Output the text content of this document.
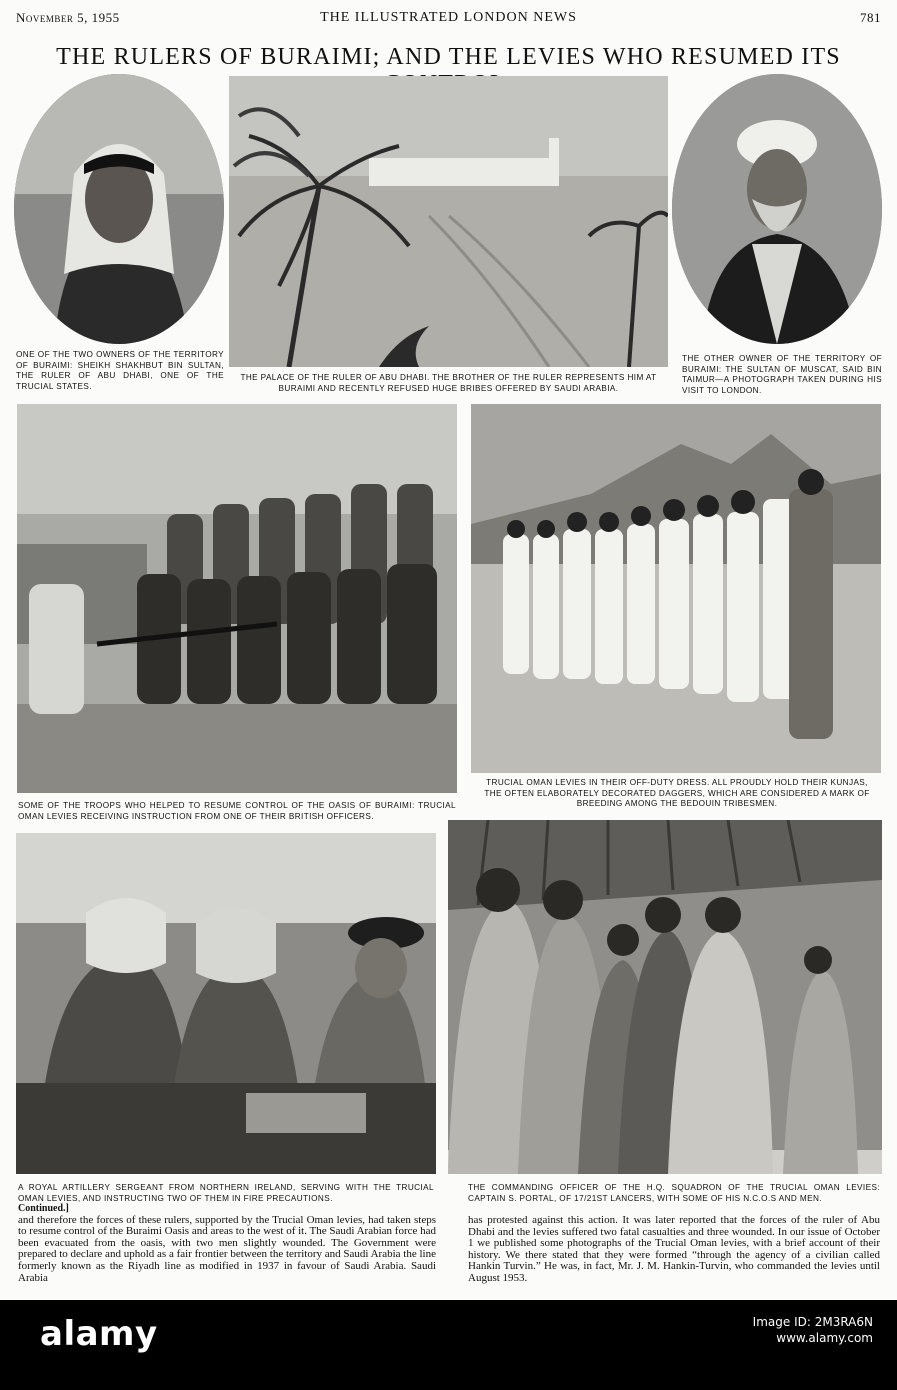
November 5, 1955	THE ILLUSTRATED LONDON NEWS	781
THE RULERS OF BURAIMI; AND THE LEVIES WHO RESUMED ITS
ONE OF THE TWO OWNERS OF THE TERRITORY OF BURAIMI: SHEIKH SHAKHBUT BIN SULTAN, THE RULER OF ABU DHABI, ONE OF THE TRUCIAL STATES.
THE PALACE OF THE RULER OF ABU DHABI. THE BROTHER OF THE RULER REPRESENTS HIM AT BURAIMI AND RECENTLY REFUSED HUGE BRIBES OFFERED BY SAUDI ARABIA.
THE OTHER OWNER OF THE TERRITORY OF BURAIMI: THE SULTAN OF MUSCAT, SAID BIN TAIMUR—A PHOTOGRAPH TAKEN DURING HIS VISIT TO LONDON.
SOME OF THE TROOPS WHO HELPED TO RESUME CONTROL OF THE OASIS OF BURAIMI: TRUCIAL OMAN LEVIES RECEIVING INSTRUCTION FROM ONE OF THEIR BRITISH OFFICERS.
TRUCIAL OMAN LEVIES IN THEIR OFF-DUTY DRESS. ALL PROUDLY HOLD THEIR KUNJAS, THE OFTEN ELABORATELY DECORATED DAGGERS, WHICH ARE CONSIDERED A MARK OF BREEDING AMONG THE BEDOUIN TRIBESMEN.
A ROYAL ARTILLERY SERGEANT FROM NORTHERN IRELAND, SERVING WITH THE TRUCIAL OMAN LEVIES, AND INSTRUCTING TWO OF THEM IN FIRE PRECAUTIONS.
THE COMMANDING OFFICER OF THE H.Q. SQUADRON OF THE TRUCIAL OMAN LEVIES: CAPTAIN S. PORTAL, OF 17/21ST LANCERS, WITH SOME OF HIS N.C.O.S AND MEN.
Continued.]
and therefore the forces of these rulers, supported by the Trucial Oman levies, had taken steps to resume control of the Buraimi Oasis and areas to the west of it. The Saudi Arabian force had been evacuated from the oasis, with two men slightly wounded. The Government were prepared to declare and uphold as a fair frontier between the territory and Saudi Arabia the line formerly known as the Riyadh line as modified in 1937 in favour of Saudi Arabia. Saudi Arabia
has protested against this action. It was later reported that the forces of the ruler of Abu Dhabi and the levies suffered two fatal casualties and three wounded. In our issue of October 1 we published some photographs of the Trucial Oman levies, with a brief account of their history. We there stated that they were formed “through the agency of a civilian called Hankin Turvin.” He was, in fact, Mr. J. M. Hankin-Turvin, who commanded the levies until August 1953.
alamy	Image ID: 2M3RA6N
www.alamy.com
